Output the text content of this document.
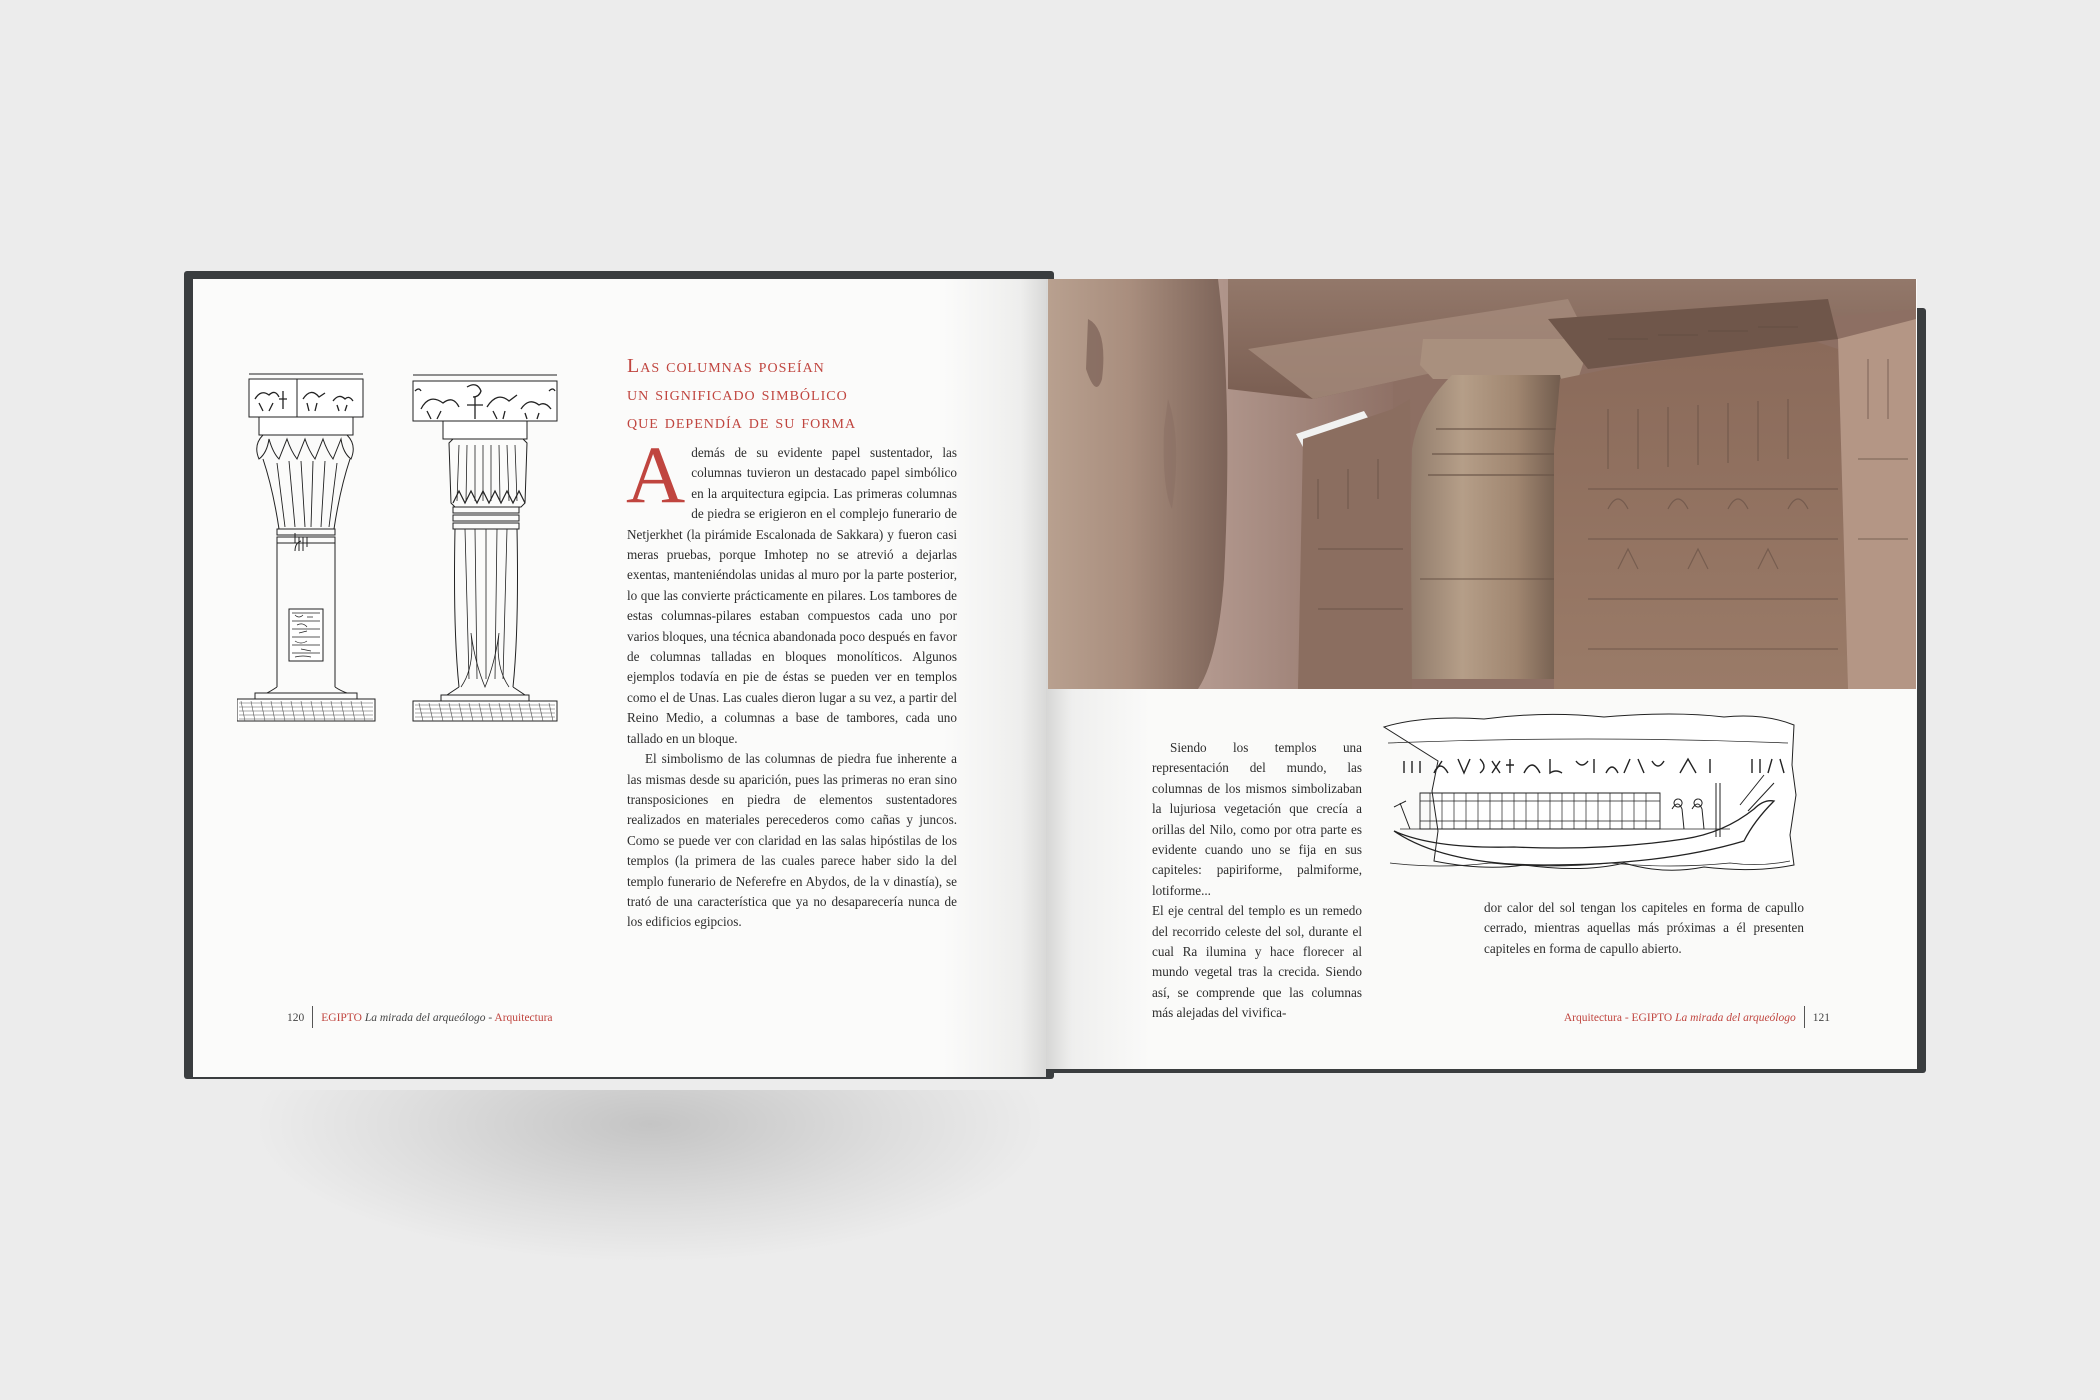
Las columnas poseían
un significado simbólico
que dependía de su forma

Además de su evidente papel sustentador, las columnas tuvieron un destacado papel simbólico en la arquitectura egipcia. Las primeras columnas de piedra se erigieron en el complejo funerario de Netjerkhet (la pirámide Escalonada de Sakkara) y fueron casi meras pruebas, porque Imhotep no se atrevió a dejarlas exentas, manteniéndolas unidas al muro por la parte posterior, lo que las convierte prácticamente en pilares. Los tambores de estas columnas-pilares estaban compuestos cada uno por varios bloques, una técnica abandonada poco después en favor de columnas talladas en bloques monolíticos. Algunos ejemplos todavía en pie de éstas se pueden ver en templos como el de Unas. Las cuales dieron lugar a su vez, a partir del Reino Medio, a columnas a base de tambores, cada uno tallado en un bloque.

El simbolismo de las columnas de piedra fue inherente a las mismas desde su aparición, pues las primeras no eran sino transposiciones en piedra de elementos sustentadores realizados en materiales perecederos como cañas y juncos. Como se puede ver con claridad en las salas hipóstilas de los templos (la primera de las cuales parece haber sido la del templo funerario de Neferefre en Abydos, de la v dinastía), se trató de una característica que ya no desaparecería nunca de los edificios egipcios.

120 EGIPTO La mirada del arqueólogo - Arquitectura

Siendo los templos una representación del mundo, las columnas de los mismos simbolizaban la lujuriosa vegetación que crecía a orillas del Nilo, como por otra parte es evidente cuando uno se fija en sus capiteles: papiriforme, palmiforme, lotiforme...

El eje central del templo es un remedo del recorrido celeste del sol, durante el cual Ra ilumina y hace florecer al mundo vegetal tras la crecida. Siendo así, se comprende que las columnas más alejadas del vivifica-

dor calor del sol tengan los capiteles en forma de capullo cerrado, mientras aquellas más próximas a él presenten capiteles en forma de capullo abierto.

Arquitectura - EGIPTO La mirada del arqueólogo 121
